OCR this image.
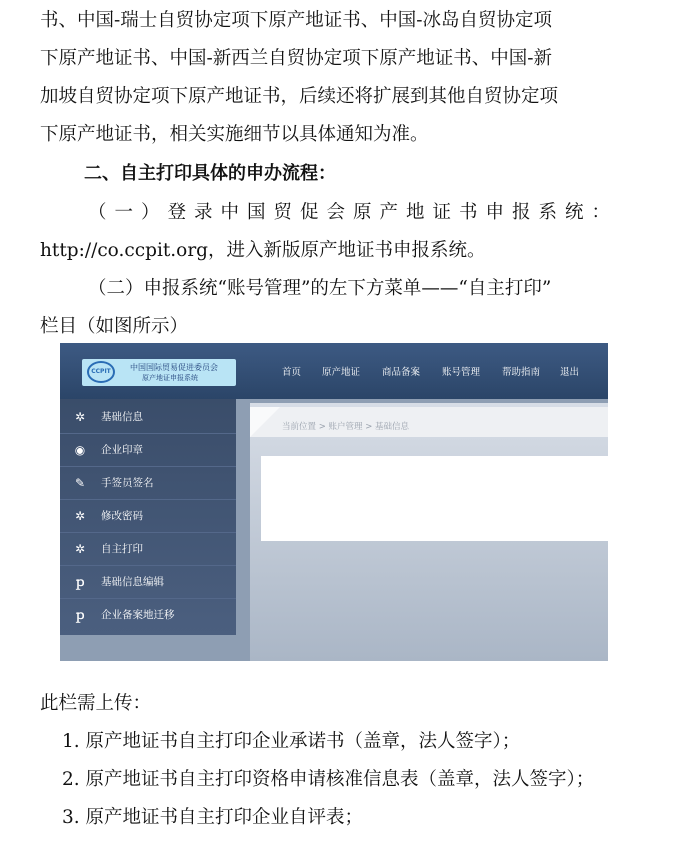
书、中国-瑞士自贸协定项下原产地证书、中国-冰岛自贸协定项
下原产地证书、中国-新西兰自贸协定项下原产地证书、中国-新
加坡自贸协定项下原产地证书，后续还将扩展到其他自贸协定项
下原产地证书，相关实施细节以具体通知为准。
二、自主打印具体的申办流程：
（一）登录中国贸促会原产地证书申报系统：
http://co.ccpit.org，进入新版原产地证书申报系统。
（二）申报系统“账号管理”的左下方菜单——“自主打印”
栏目（如图所示）
CCPIT	中国国际贸易促进委员会
原产地证申报系统	首页 原产地证 商品备案 账号管理 帮助指南 退出
✲ 基础信息
◉ 企业印章
✎ 手签员签名
✲ 修改密码
✲ 自主打印
ｐ 基础信息编辑
ｐ 企业备案地迁移
当前位置 > 账户管理 > 基础信息
此栏需上传：
1. 原产地证书自主打印企业承诺书（盖章，法人签字）；
2. 原产地证书自主打印资格申请核准信息表（盖章，法人签字）；
3. 原产地证书自主打印企业自评表；
